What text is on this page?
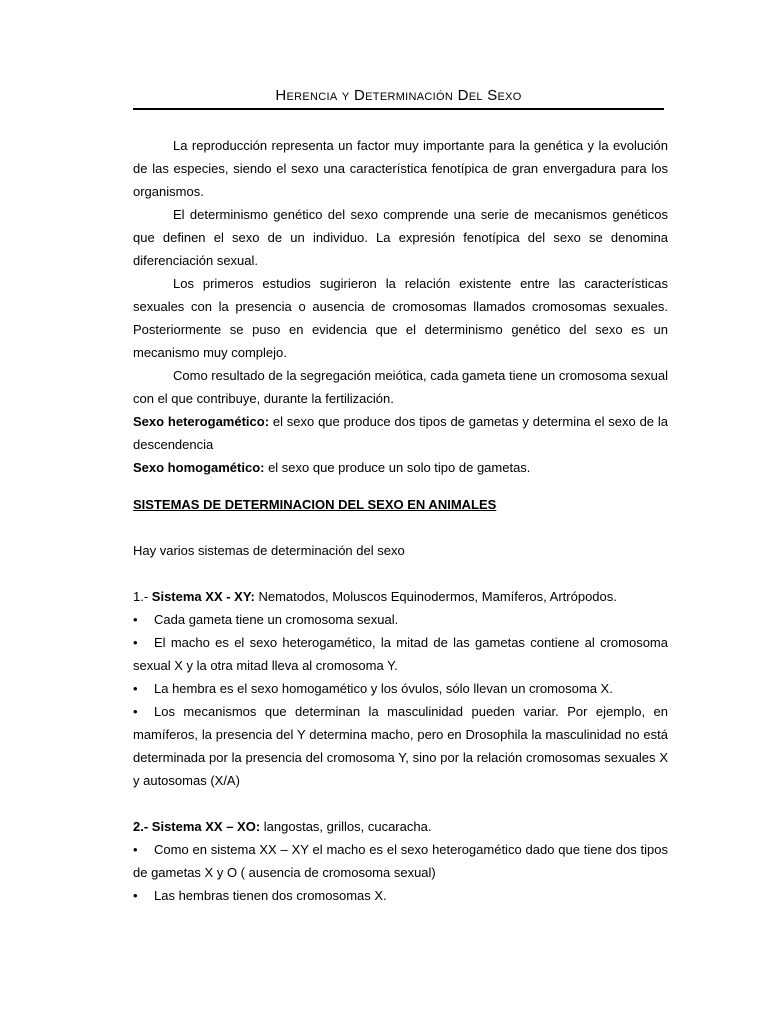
Herencia y Determinación Del Sexo

La reproducción representa un factor muy importante para la genética y la evolución de las especies, siendo el sexo una característica fenotípica de gran envergadura para los organismos.

El determinismo genético del sexo comprende una serie de mecanismos genéticos que definen el sexo de un individuo. La expresión fenotípica del sexo se denomina diferenciación sexual.

Los primeros estudios sugirieron la relación existente entre las características sexuales con la presencia o ausencia de cromosomas llamados cromosomas sexuales. Posteriormente se puso en evidencia que el determinismo genético del sexo es un mecanismo muy complejo.

Como resultado de la segregación meiótica, cada gameta tiene un cromosoma sexual con el que contribuye, durante la fertilización.

Sexo heterogamético: el sexo que produce dos tipos de gametas y determina el sexo de la descendencia

Sexo homogamético: el sexo que produce un solo tipo de gametas.

SISTEMAS DE DETERMINACION DEL SEXO EN ANIMALES

Hay varios sistemas de determinación del sexo

1.- Sistema XX - XY: Nematodos, Moluscos Equinodermos, Mamíferos, Artrópodos.

• Cada gameta tiene un cromosoma sexual.

• El macho es el sexo heterogamético, la mitad de las gametas contiene al cromosoma sexual X y la otra mitad lleva al cromosoma Y.

• La hembra es el sexo homogamético y los óvulos, sólo llevan un cromosoma X.

• Los mecanismos que determinan la masculinidad pueden variar. Por ejemplo, en mamíferos, la presencia del Y determina macho, pero en Drosophila la masculinidad no está determinada por la presencia del cromosoma Y, sino por la relación cromosomas sexuales X y autosomas (X/A)

2.- Sistema XX – XO: langostas, grillos, cucaracha.

• Como en sistema XX – XY el macho es el sexo heterogamético dado que tiene dos tipos de gametas X y O ( ausencia de cromosoma sexual)

• Las hembras tienen dos cromosomas X.
